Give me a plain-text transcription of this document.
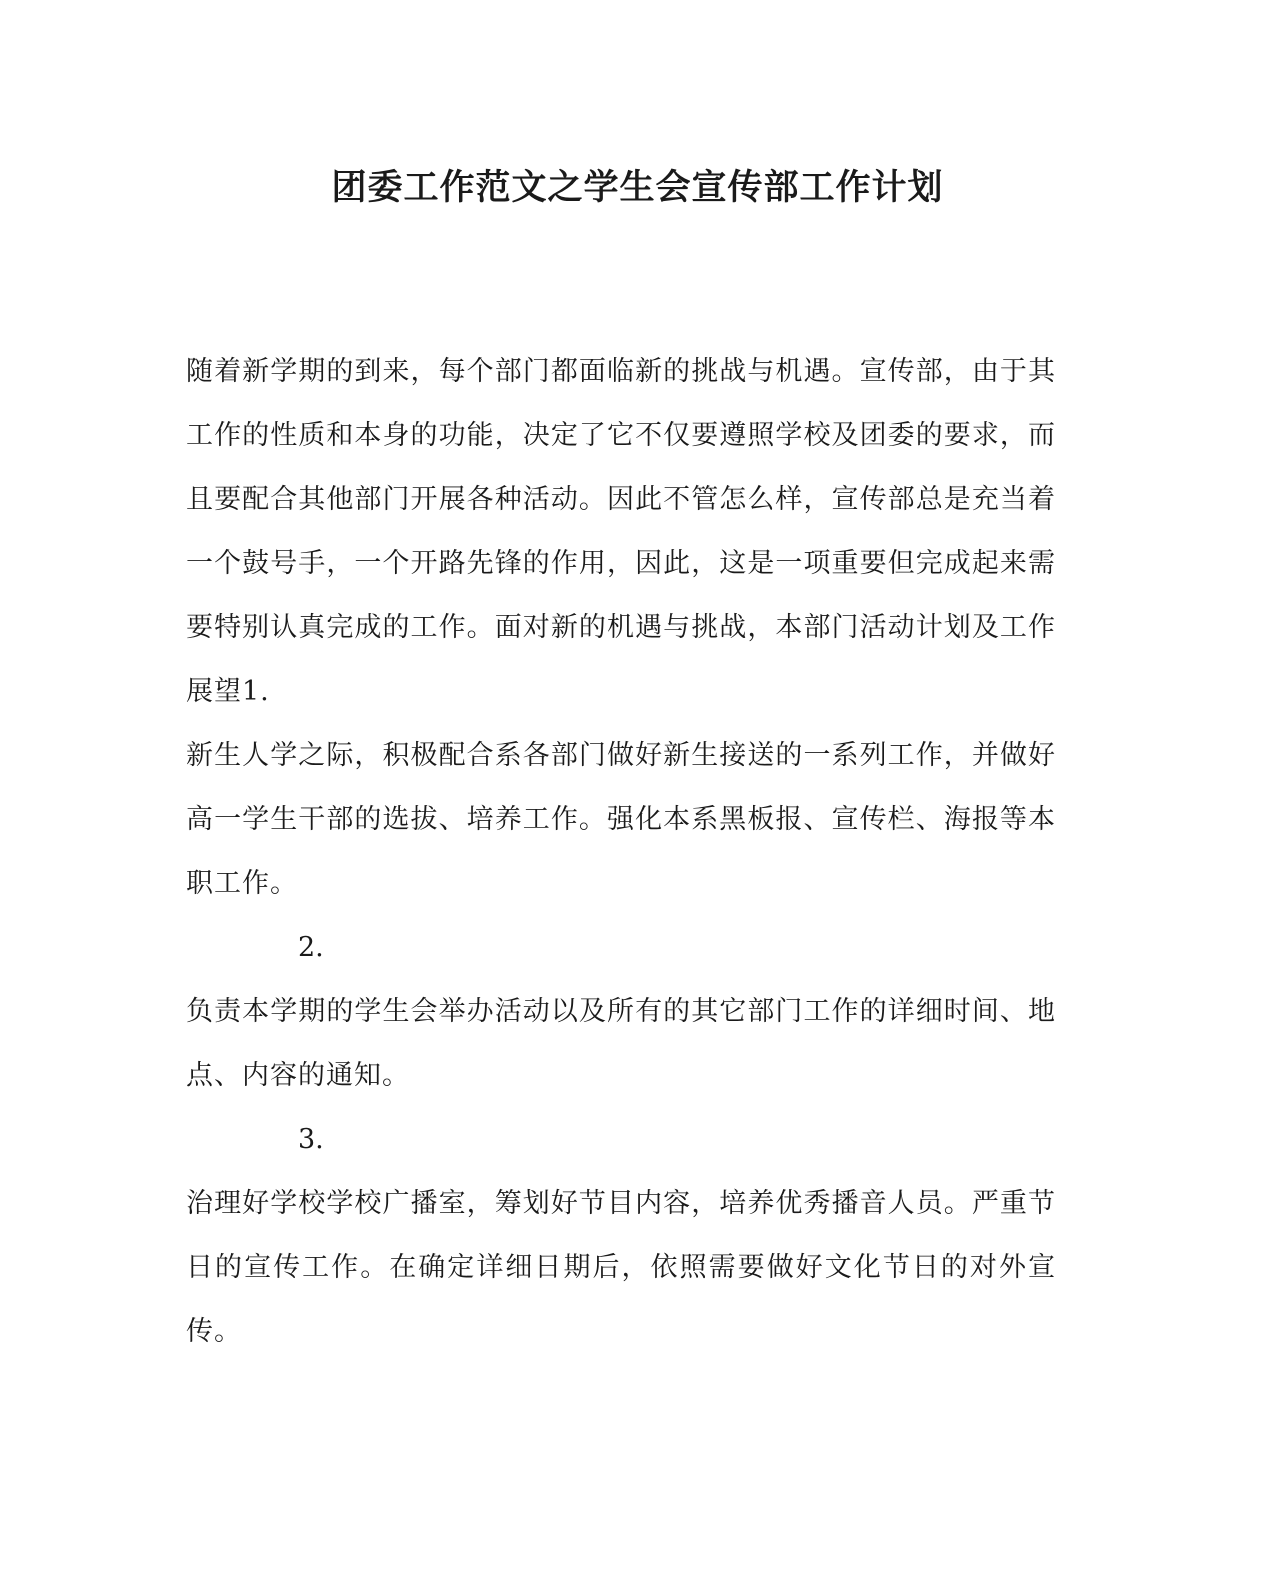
团委工作范文之学生会宣传部工作计划

随着新学期的到来，每个部门都面临新的挑战与机遇。宣传部，由于其工作的性质和本身的功能，决定了它不仅要遵照学校及团委的要求，而且要配合其他部门开展各种活动。因此不管怎么样，宣传部总是充当着一个鼓号手，一个开路先锋的作用，因此，这是一项重要但完成起来需要特别认真完成的工作。面对新的机遇与挑战，本部门活动计划及工作展望1.

新生人学之际，积极配合系各部门做好新生接送的一系列工作，并做好高一学生干部的选拔、培养工作。强化本系黑板报、宣传栏、海报等本职工作。

2.

负责本学期的学生会举办活动以及所有的其它部门工作的详细时间、地点、内容的通知。

3.

治理好学校学校广播室，筹划好节目内容，培养优秀播音人员。严重节日的宣传工作。在确定详细日期后，依照需要做好文化节日的对外宣传。
